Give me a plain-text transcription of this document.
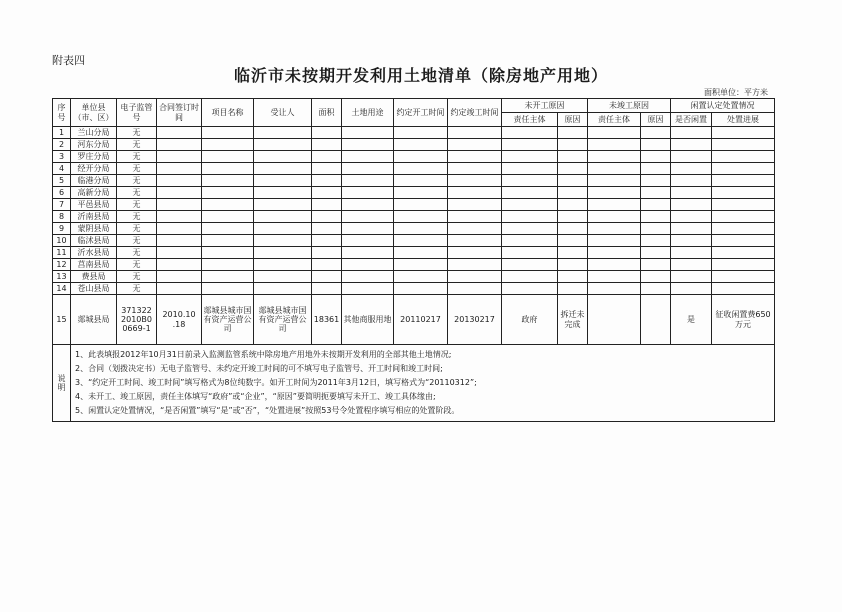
附表四
临沂市未按期开发利用土地清单（除房地产用地）
面积单位：平方米
序号	单位县（市、区）	电子监管号	合同签订时间	项目名称	受让人	面积	土地用途	约定开工时间	约定竣工时间	未开工原因		未竣工原因		闲置认定处置情况	
										责任主体	原因	责任主体	原因	是否闲置	处置进展
1	兰山分局	无													
2	河东分局	无													
3	罗庄分局	无													
4	经开分局	无													
5	临港分局	无													
6	高新分局	无													
7	平邑县局	无													
8	沂南县局	无													
9	蒙阴县局	无													
10	临沭县局	无													
11	沂水县局	无													
12	莒南县局	无													
13	费县局	无													
14	苍山县局	无													
15	郯城县局	371322 2010B0 0669-1	2010.10 .18	郯城县城市国有资产运营公司	郯城县城市国有资产运营公司	18361	其他商服用地	20110217	20130217	政府	拆迁未完成			是	征收闲置费650万元
说明	1、此表填报2012年10月31日前录入监测监管系统中除房地产用地外未按期开发利用的全部其他土地情况;
2、合同（划拨决定书）无电子监管号、未约定开竣工时间的可不填写电子监管号、开工时间和竣工时间;
3、“约定开工时间、竣工时间”填写格式为8位纯数字。如开工时间为2011年3月12日，填写格式为“20110312”;
4、未开工、竣工原因，责任主体填写“政府”或“企业”，“原因”要简明扼要填写未开工、竣工具体缘由;
5、闲置认定处置情况，“是否闲置”填写“是”或“否”，“处置进展”按照53号令处置程序填写相应的处置阶段。														
